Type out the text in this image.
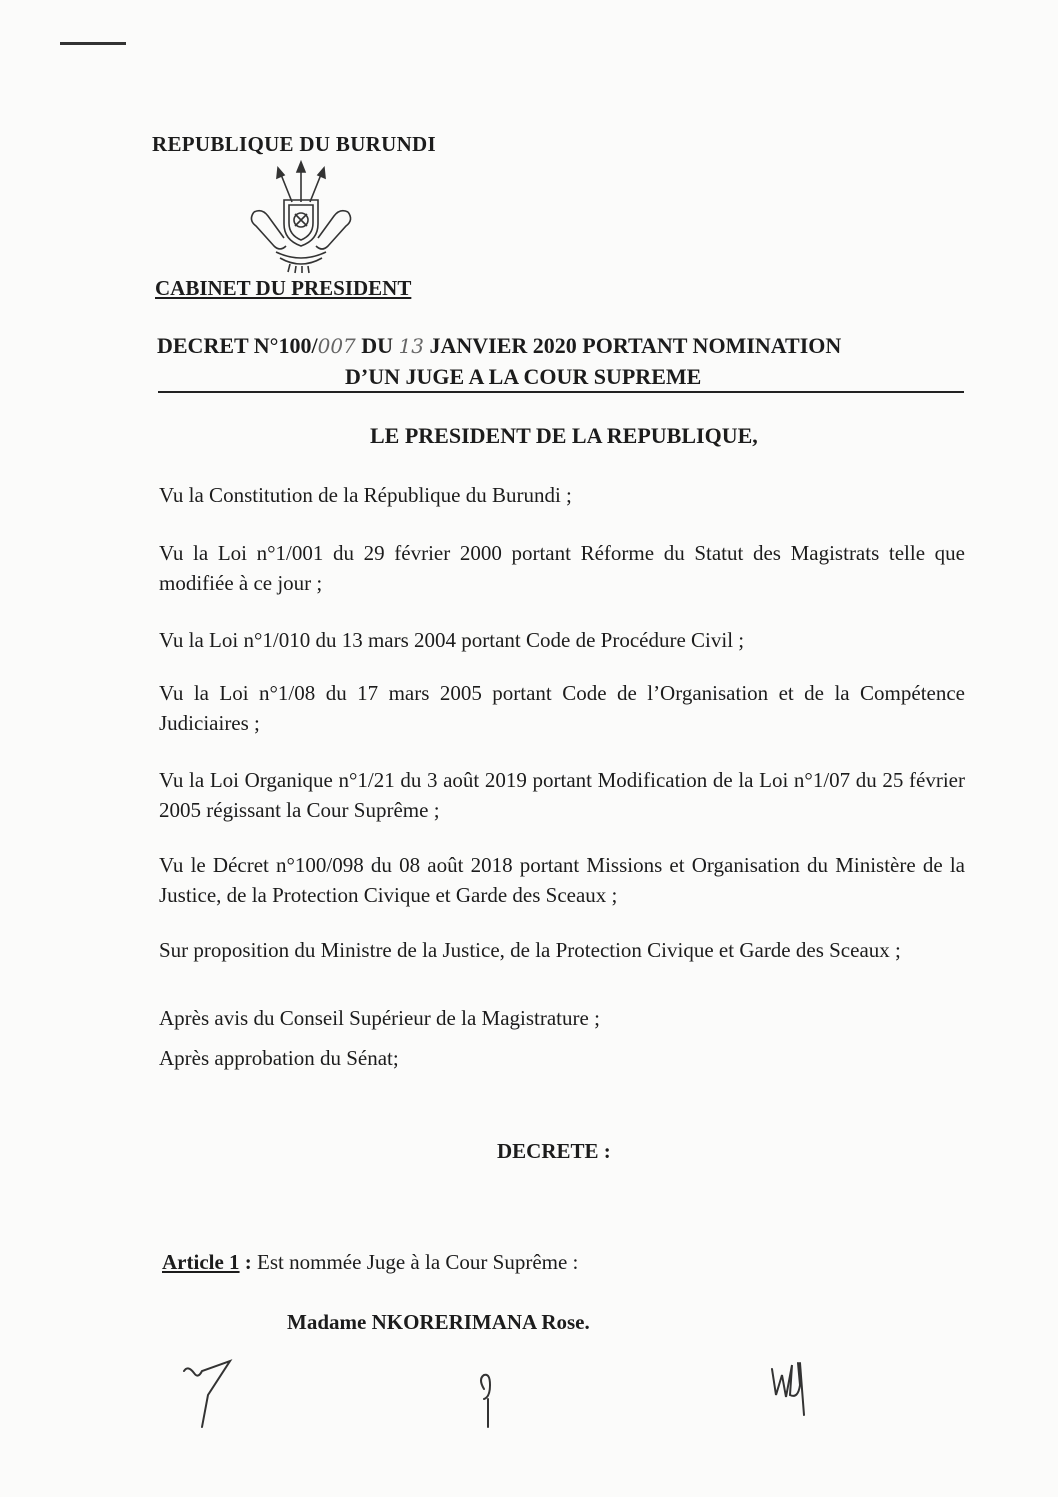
REPUBLIQUE DU BURUNDI
CABINET DU PRESIDENT
DECRET N°100/007 DU 13 JANVIER 2020 PORTANT NOMINATION
D’UN JUGE A LA COUR SUPREME
LE PRESIDENT DE LA REPUBLIQUE,
Vu la Constitution de la République du Burundi ;
Vu la Loi n°1/001 du 29 février 2000 portant Réforme du Statut des Magistrats telle que modifiée à ce jour ;
Vu la Loi n°1/010 du 13 mars 2004 portant Code de Procédure Civil ;
Vu la Loi n°1/08 du 17 mars 2005 portant Code de l’Organisation et de la Compétence Judiciaires ;
Vu la Loi Organique n°1/21 du 3 août 2019 portant Modification de la Loi n°1/07 du 25 février 2005 régissant la Cour Suprême ;
Vu le Décret n°100/098 du 08 août 2018 portant Missions et Organisation du Ministère de la Justice, de la Protection Civique et Garde des Sceaux ;
Sur proposition du Ministre de la Justice, de la Protection Civique et Garde des Sceaux ;
Après avis du Conseil Supérieur de la Magistrature ;
Après approbation du Sénat;
DECRETE :
Article 1 : Est nommée Juge à la Cour Suprême :
Madame NKORERIMANA Rose.
